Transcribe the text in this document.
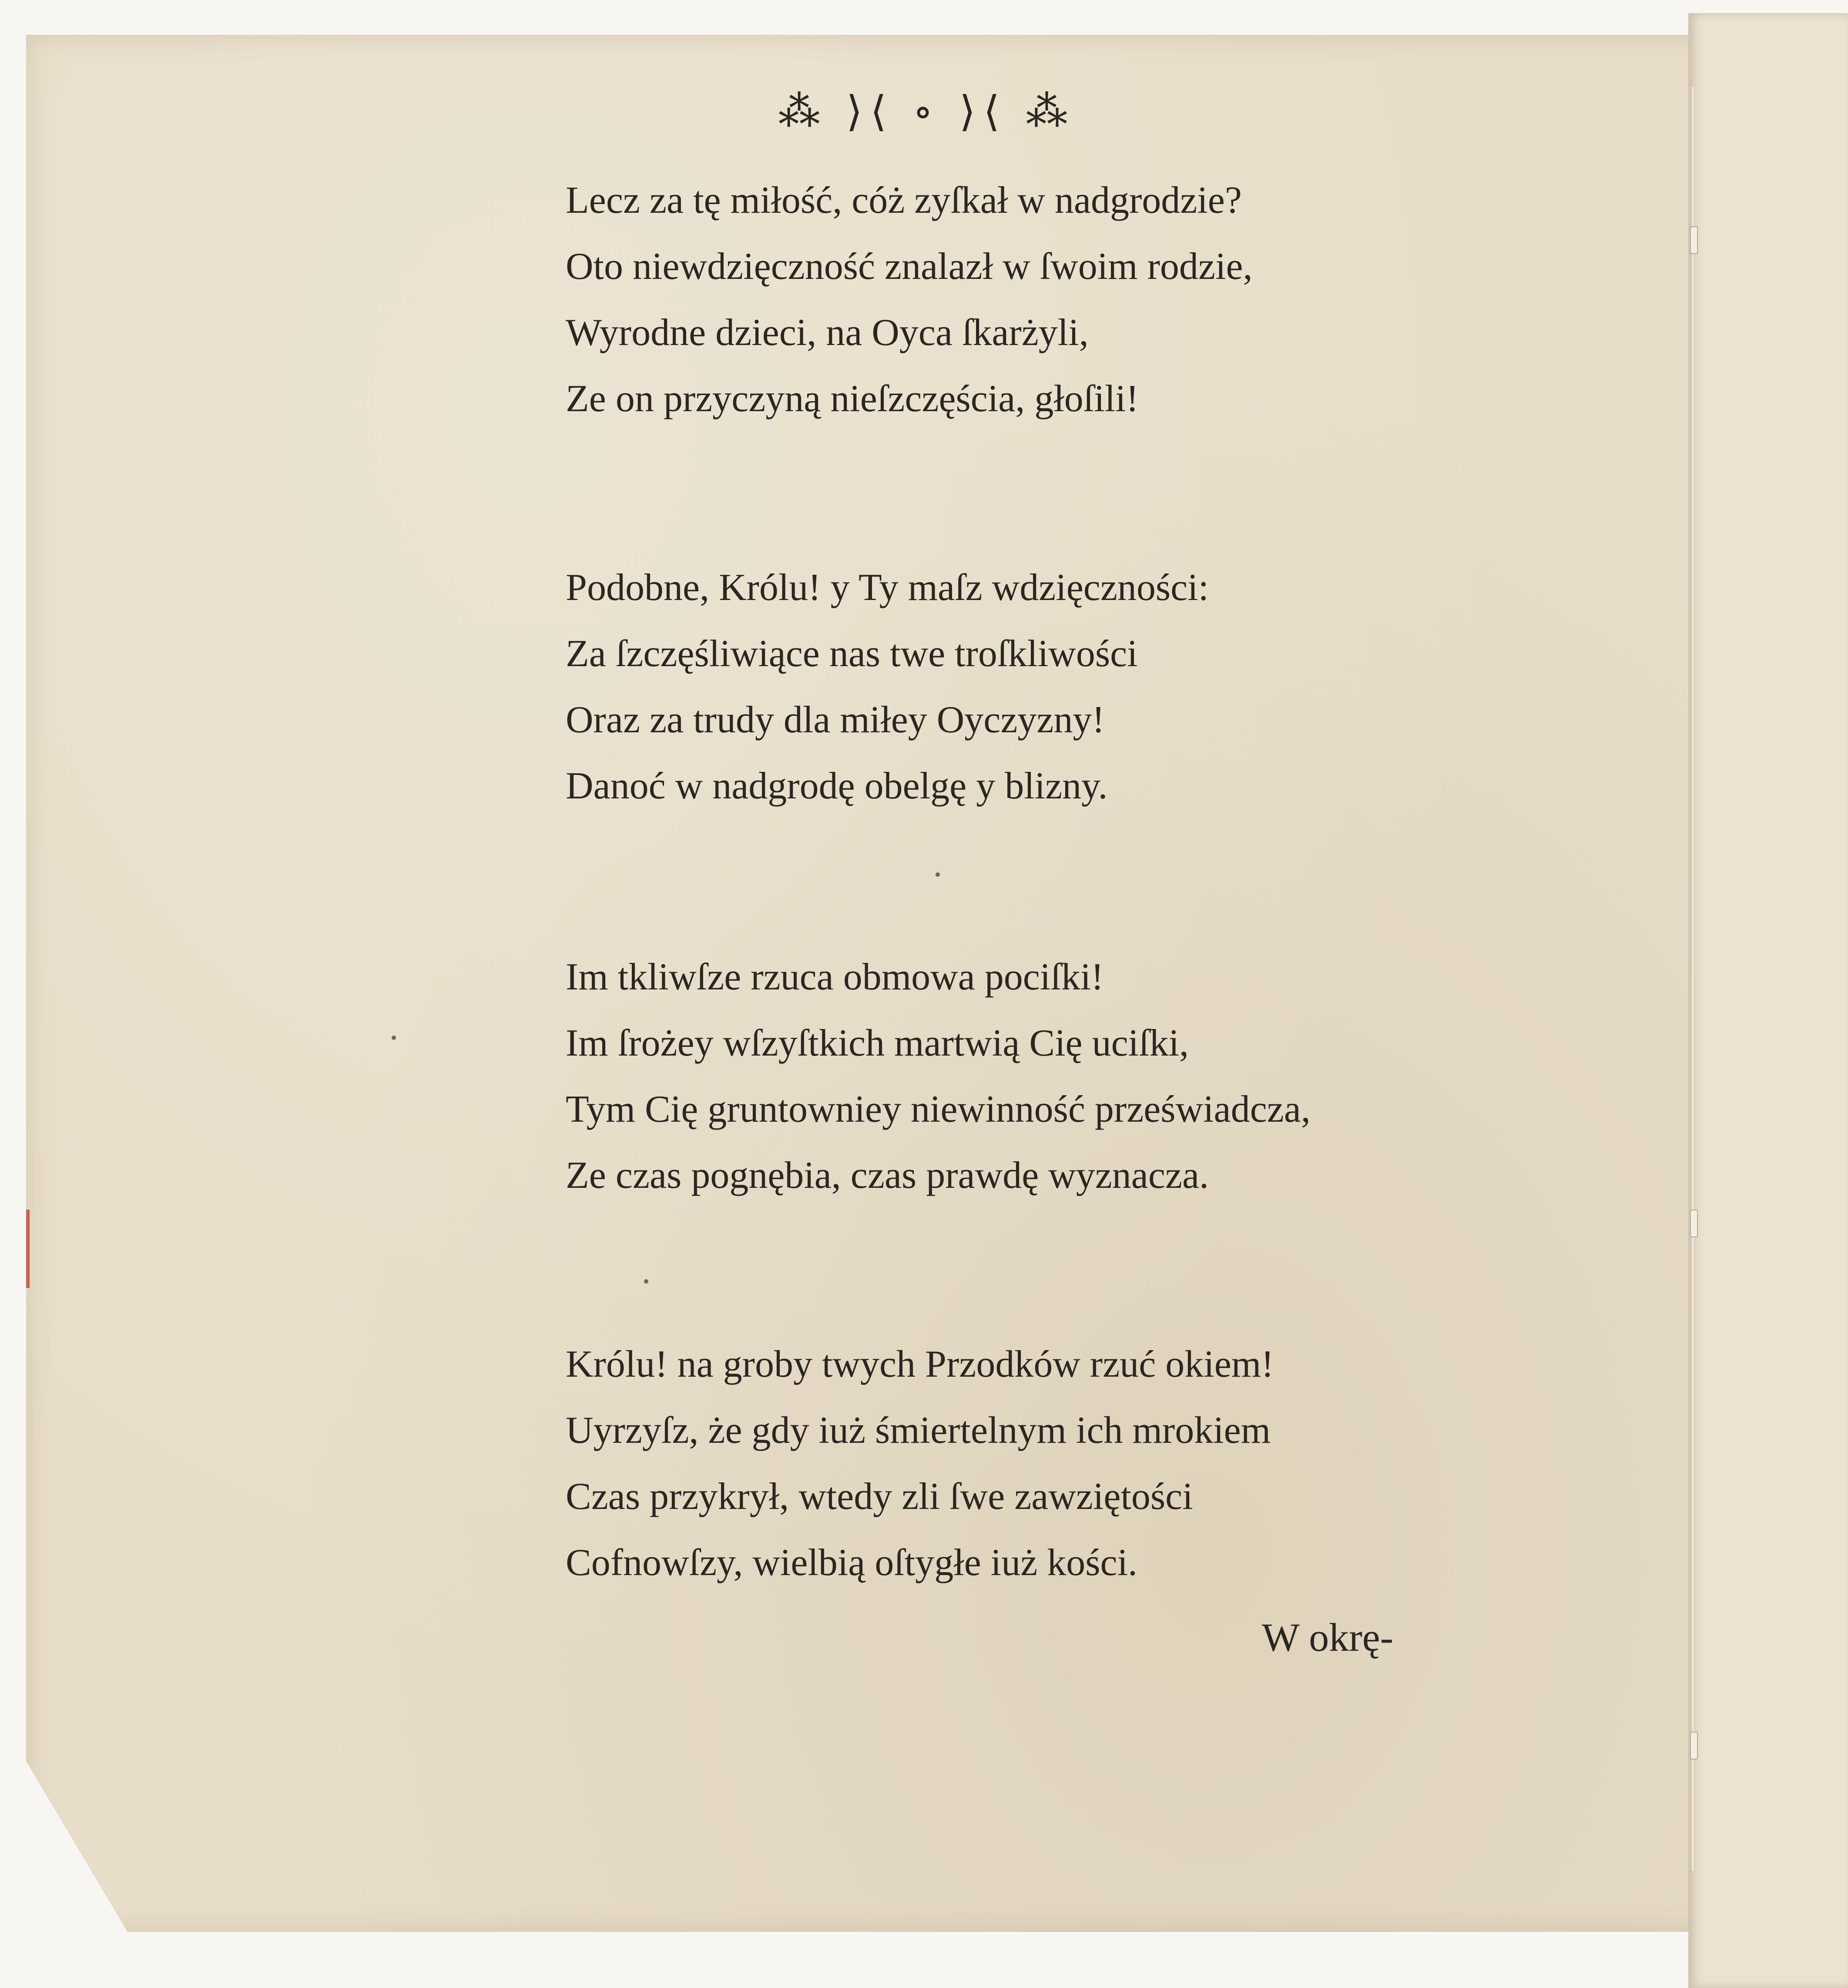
⁂ ⟩⟨ ∘ ⟩⟨ ⁂
Lecz za tę miłość, cóż zyſkał w nadgrodzie?
Oto niewdzięczność znalazł w ſwoim rodzie,
Wyrodne dzieci, na Oyca ſkarżyli,
Ze on przyczyną nieſzczęścia, głoſili!
Podobne, Królu! y Ty maſz wdzięczności:
Za ſzczęśliwiące nas twe troſkliwości
Oraz za trudy dla miłey Oyczyzny!
Danoć w nadgrodę obelgę y blizny.
Im tkliwſze rzuca obmowa pociſki!
Im ſrożey wſzyſtkich martwią Cię uciſki,
Tym Cię gruntowniey niewinność przeświadcza,
Ze czas pognębia, czas prawdę wyznacza.
Królu! na groby twych Przodków rzuć okiem!
Uyrzyſz, że gdy iuż śmiertelnym ich mrokiem
Czas przykrył, wtedy zli ſwe zawziętości
Cofnowſzy, wielbią oſtygłe iuż kości.
W okrę-
